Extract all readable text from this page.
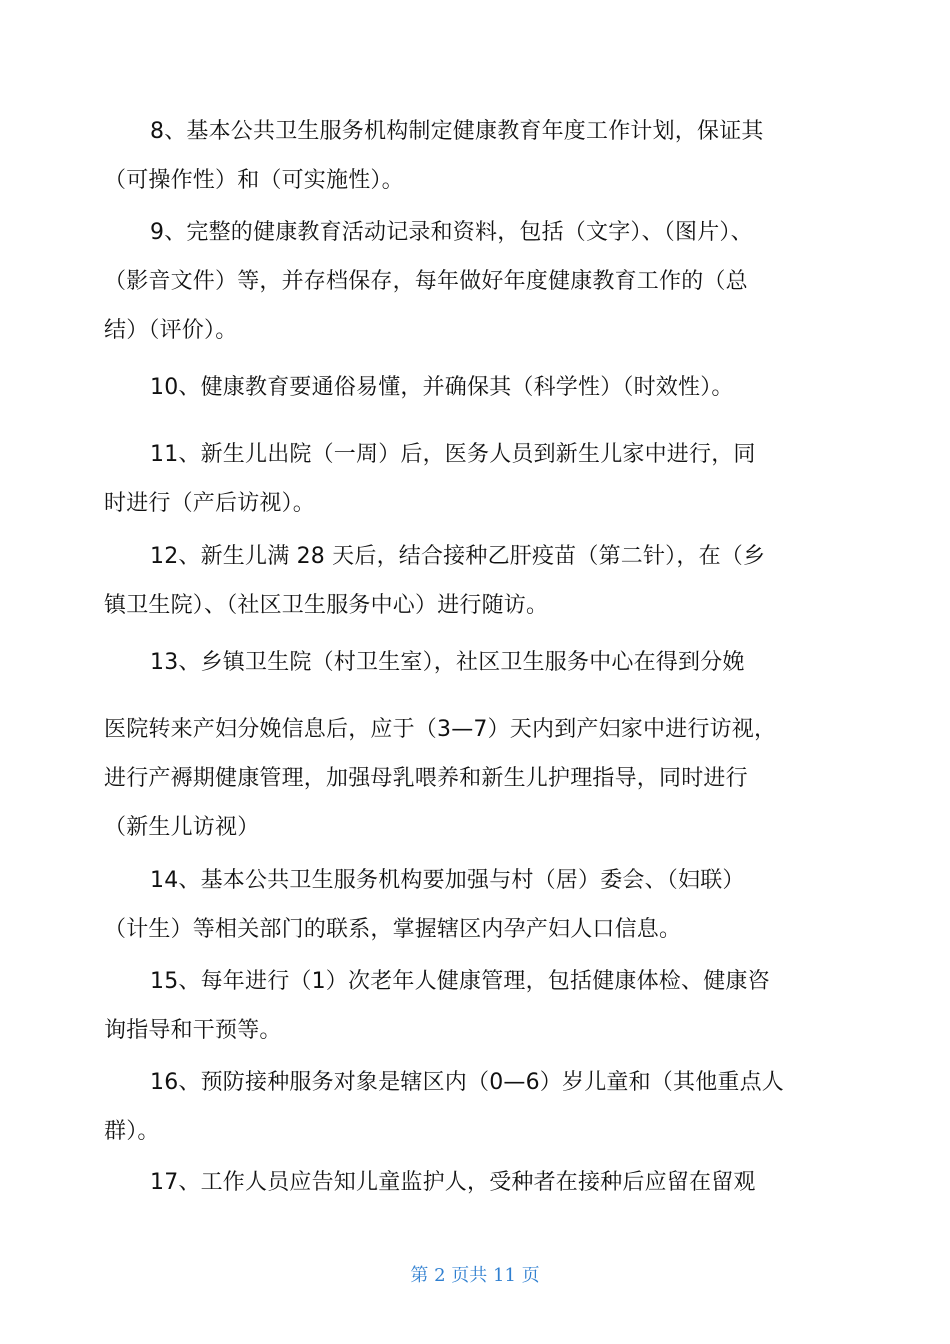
8、基本公共卫生服务机构制定健康教育年度工作计划，保证其
（可操作性）和（可实施性）。
9、完整的健康教育活动记录和资料，包括（文字）、（图片）、
（影音文件）等，并存档保存，每年做好年度健康教育工作的（总
结）（评价）。
10、健康教育要通俗易懂，并确保其（科学性）（时效性）。
11、新生儿出院（一周）后，医务人员到新生儿家中进行，同
时进行（产后访视）。
12、新生儿满 28 天后，结合接种乙肝疫苗（第二针），在（乡
镇卫生院）、（社区卫生服务中心）进行随访。
13、乡镇卫生院（村卫生室），社区卫生服务中心在得到分娩
医院转来产妇分娩信息后，应于（3—7）天内到产妇家中进行访视，
进行产褥期健康管理，加强母乳喂养和新生儿护理指导，同时进行
（新生儿访视）
14、基本公共卫生服务机构要加强与村（居）委会、（妇联）
（计生）等相关部门的联系，掌握辖区内孕产妇人口信息。
15、每年进行（1）次老年人健康管理，包括健康体检、健康咨
询指导和干预等。
16、预防接种服务对象是辖区内（0—6）岁儿童和（其他重点人
群）。
17、工作人员应告知儿童监护人，受种者在接种后应留在留观
第 2 页共 11 页
